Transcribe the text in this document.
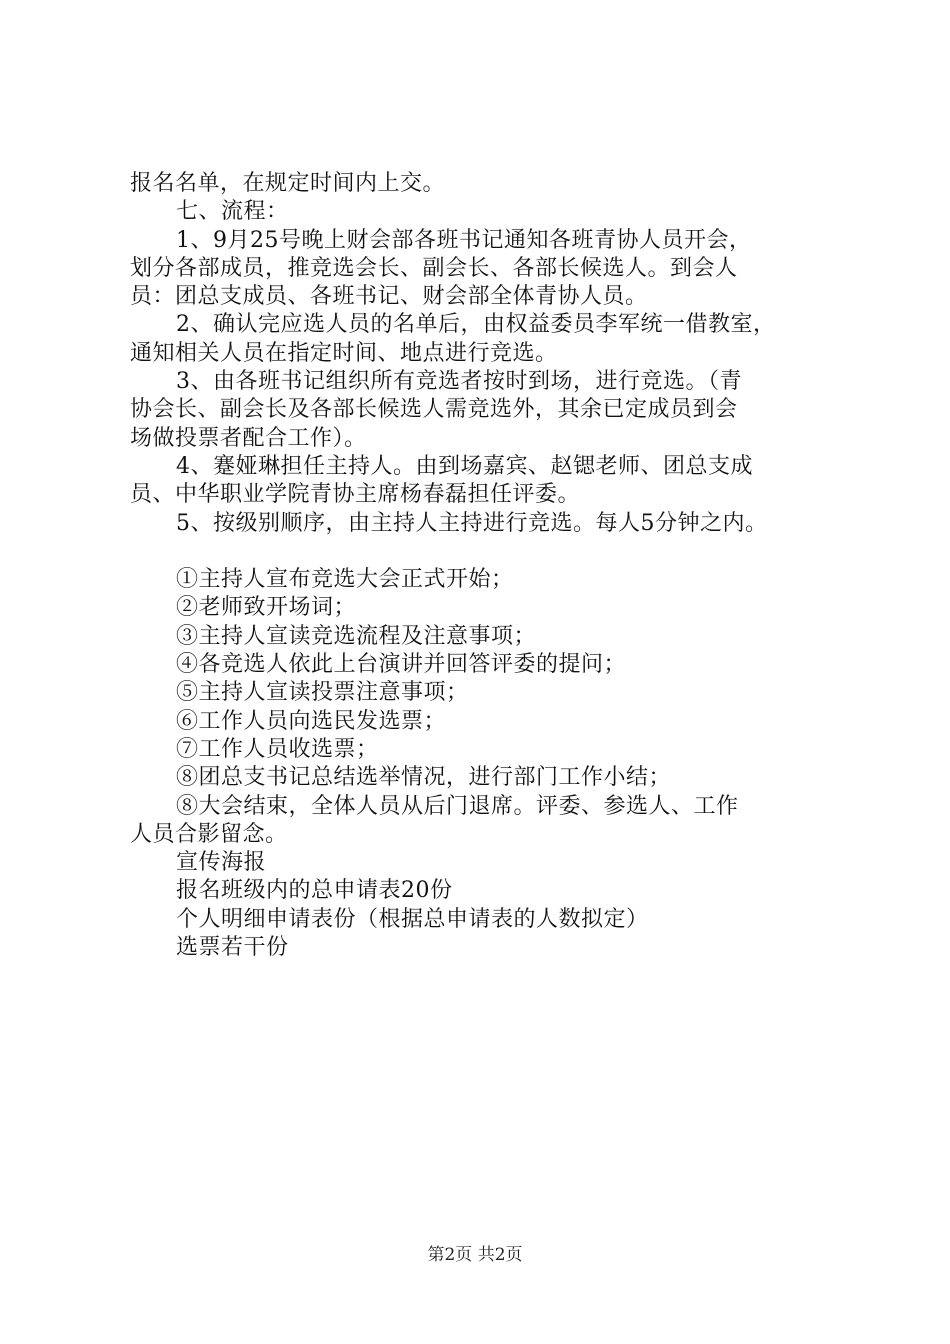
报名名单，在规定时间内上交。
七、流程：
1、9月25号晚上财会部各班书记通知各班青协人员开会，
划分各部成员，推竞选会长、副会长、各部长候选人。到会人
员：团总支成员、各班书记、财会部全体青协人员。
2、确认完应选人员的名单后，由权益委员李军统一借教室，
通知相关人员在指定时间、地点进行竞选。
3、由各班书记组织所有竞选者按时到场，进行竞选。（青
协会长、副会长及各部长候选人需竞选外，其余已定成员到会
场做投票者配合工作）。
4、蹇娅琳担任主持人。由到场嘉宾、赵锶老师、团总支成
员、中华职业学院青协主席杨春磊担任评委。
5、按级别顺序，由主持人主持进行竞选。每人5分钟之内。
①主持人宣布竞选大会正式开始；
②老师致开场词；
③主持人宣读竞选流程及注意事项；
④各竞选人依此上台演讲并回答评委的提问；
⑤主持人宣读投票注意事项；
⑥工作人员向选民发选票；
⑦工作人员收选票；
⑧团总支书记总结选举情况，进行部门工作小结；
⑧大会结束，全体人员从后门退席。评委、参选人、工作
人员合影留念。
宣传海报
报名班级内的总申请表20份
个人明细申请表份（根据总申请表的人数拟定）
选票若干份
第2页 共2页
